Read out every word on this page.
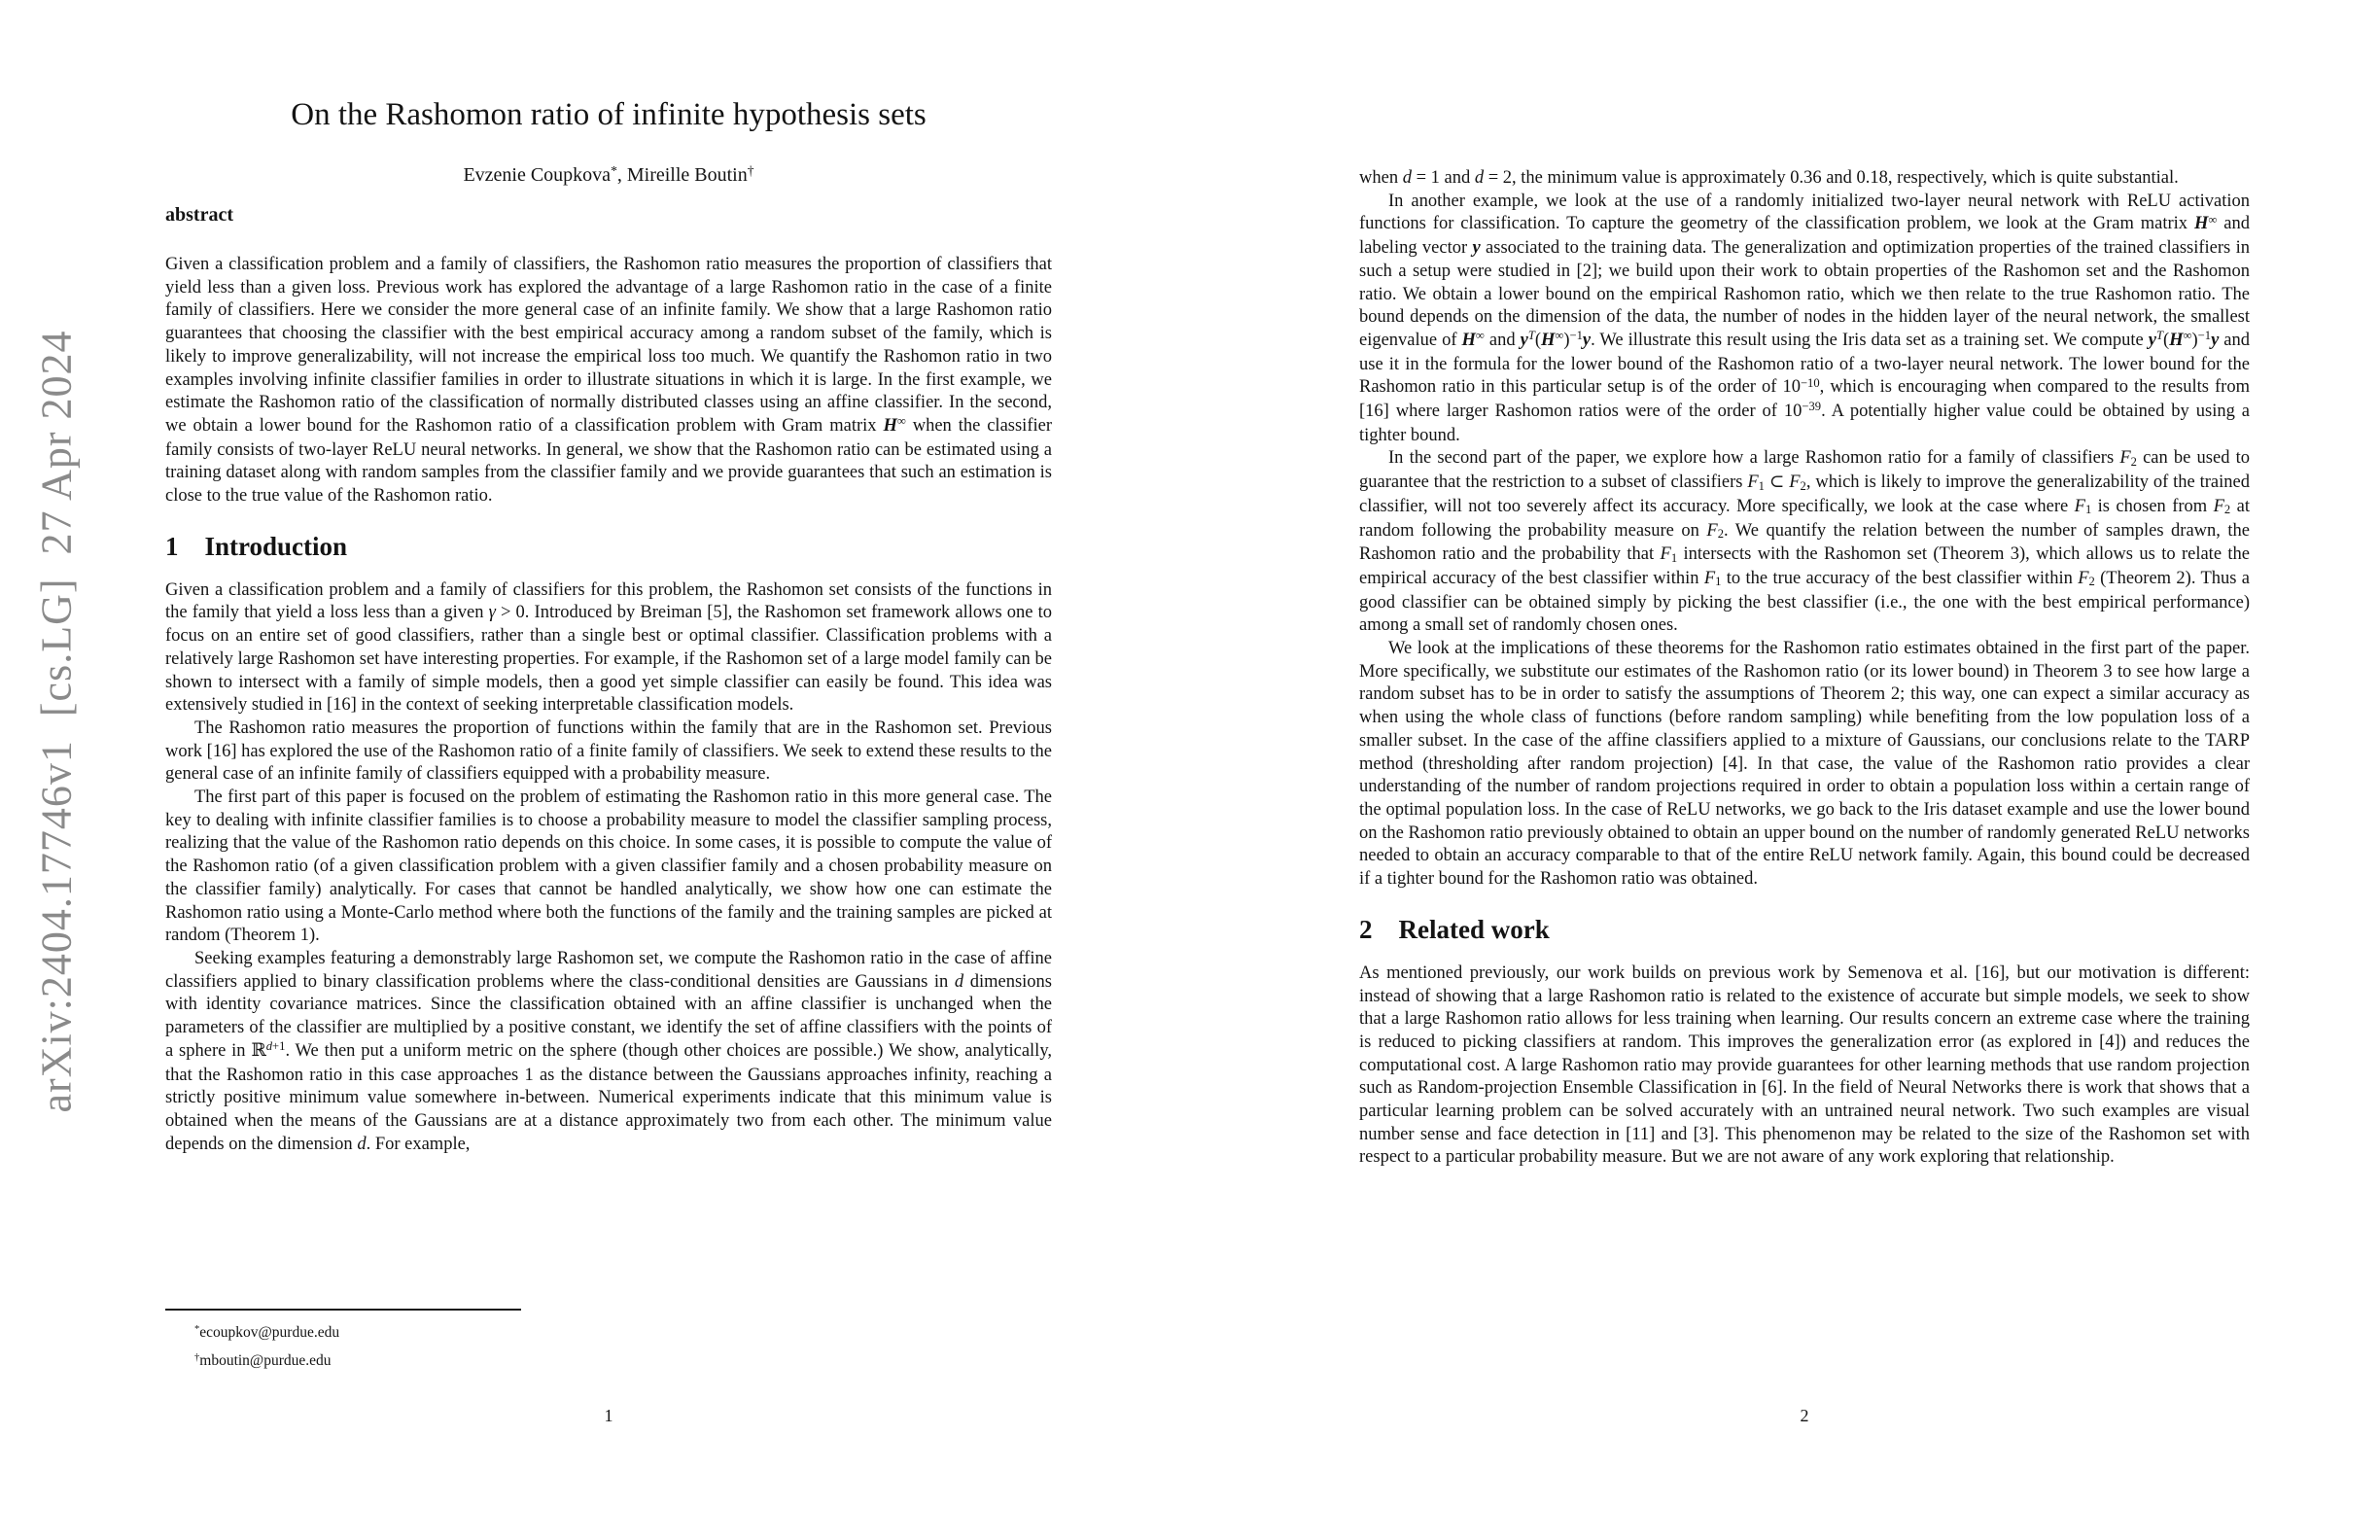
arXiv:2404.17746v1  [cs.LG]  27 Apr 2024
On the Rashomon ratio of infinite hypothesis sets
Evzenie Coupkova*, Mireille Boutin†
abstract

Given a classification problem and a family of classifiers, the Rashomon ratio measures the proportion of classifiers that yield less than a given loss. Previous work has explored the advantage of a large Rashomon ratio in the case of a finite family of classifiers. Here we consider the more general case of an infinite family. We show that a large Rashomon ratio guarantees that choosing the classifier with the best empirical accuracy among a random subset of the family, which is likely to improve generalizability, will not increase the empirical loss too much. We quantify the Rashomon ratio in two examples involving infinite classifier families in order to illustrate situations in which it is large. In the first example, we estimate the Rashomon ratio of the classification of normally distributed classes using an affine classifier. In the second, we obtain a lower bound for the Rashomon ratio of a classification problem with Gram matrix H∞ when the classifier family consists of two-layer ReLU neural networks. In general, we show that the Rashomon ratio can be estimated using a training dataset along with random samples from the classifier family and we provide guarantees that such an estimation is close to the true value of the Rashomon ratio.

1 Introduction

Given a classification problem and a family of classifiers for this problem, the Rashomon set consists of the functions in the family that yield a loss less than a given γ > 0. Introduced by Breiman [5], the Rashomon set framework allows one to focus on an entire set of good classifiers, rather than a single best or optimal classifier. Classification problems with a relatively large Rashomon set have interesting properties. For example, if the Rashomon set of a large model family can be shown to intersect with a family of simple models, then a good yet simple classifier can easily be found. This idea was extensively studied in [16] in the context of seeking interpretable classification models.

The Rashomon ratio measures the proportion of functions within the family that are in the Rashomon set. Previous work [16] has explored the use of the Rashomon ratio of a finite family of classifiers. We seek to extend these results to the general case of an infinite family of classifiers equipped with a probability measure.

The first part of this paper is focused on the problem of estimating the Rashomon ratio in this more general case. The key to dealing with infinite classifier families is to choose a probability measure to model the classifier sampling process, realizing that the value of the Rashomon ratio depends on this choice. In some cases, it is possible to compute the value of the Rashomon ratio (of a given classification problem with a given classifier family and a chosen probability measure on the classifier family) analytically. For cases that cannot be handled analytically, we show how one can estimate the Rashomon ratio using a Monte-Carlo method where both the functions of the family and the training samples are picked at random (Theorem 1).

Seeking examples featuring a demonstrably large Rashomon set, we compute the Rashomon ratio in the case of affine classifiers applied to binary classification problems where the class-conditional densities are Gaussians in d dimensions with identity covariance matrices. Since the classification obtained with an affine classifier is unchanged when the parameters of the classifier are multiplied by a positive constant, we identify the set of affine classifiers with the points of a sphere in ℝ$^{d+1}$. We then put a uniform metric on the sphere (though other choices are possible.) We show, analytically, that the Rashomon ratio in this case approaches 1 as the distance between the Gaussians approaches infinity, reaching a strictly positive minimum value somewhere in-between. Numerical experiments indicate that this minimum value is obtained when the means of the Gaussians are at a distance approximately two from each other. The minimum value depends on the dimension d. For example,

*ecoupkov@purdue.edu
†mboutin@purdue.edu
1

when d = 1 and d = 2, the minimum value is approximately 0.36 and 0.18, respectively, which is quite substantial.

In another example, we look at the use of a randomly initialized two-layer neural network with ReLU activation functions for classification. To capture the geometry of the classification problem, we look at the Gram matrix H∞ and labeling vector y associated to the training data. The generalization and optimization properties of the trained classifiers in such a setup were studied in [2]; we build upon their work to obtain properties of the Rashomon set and the Rashomon ratio. We obtain a lower bound on the empirical Rashomon ratio, which we then relate to the true Rashomon ratio. The bound depends on the dimension of the data, the number of nodes in the hidden layer of the neural network, the smallest eigenvalue of H∞ and $y^T(H^\infty)^{-1}y$. We illustrate this result using the Iris data set as a training set. We compute $y^T(H^\infty)^{-1}y$ and use it in the formula for the lower bound of the Rashomon ratio of a two-layer neural network. The lower bound for the Rashomon ratio in this particular setup is of the order of $10^{-10}$, which is encouraging when compared to the results from [16] where larger Rashomon ratios were of the order of $10^{-39}$. A potentially higher value could be obtained by using a tighter bound.

In the second part of the paper, we explore how a large Rashomon ratio for a family of classifiers F2 can be used to guarantee that the restriction to a subset of classifiers F1 ⊂ F2, which is likely to improve the generalizability of the trained classifier, will not too severely affect its accuracy. More specifically, we look at the case where F1 is chosen from F2 at random following the probability measure on F2. We quantify the relation between the number of samples drawn, the Rashomon ratio and the probability that F1 intersects with the Rashomon set (Theorem 3), which allows us to relate the empirical accuracy of the best classifier within F1 to the true accuracy of the best classifier within F2 (Theorem 2). Thus a good classifier can be obtained simply by picking the best classifier (i.e., the one with the best empirical performance) among a small set of randomly chosen ones.

We look at the implications of these theorems for the Rashomon ratio estimates obtained in the first part of the paper. More specifically, we substitute our estimates of the Rashomon ratio (or its lower bound) in Theorem 3 to see how large a random subset has to be in order to satisfy the assumptions of Theorem 2; this way, one can expect a similar accuracy as when using the whole class of functions (before random sampling) while benefiting from the low population loss of a smaller subset. In the case of the affine classifiers applied to a mixture of Gaussians, our conclusions relate to the TARP method (thresholding after random projection) [4]. In that case, the value of the Rashomon ratio provides a clear understanding of the number of random projections required in order to obtain a population loss within a certain range of the optimal population loss. In the case of ReLU networks, we go back to the Iris dataset example and use the lower bound on the Rashomon ratio previously obtained to obtain an upper bound on the number of randomly generated ReLU networks needed to obtain an accuracy comparable to that of the entire ReLU network family. Again, this bound could be decreased if a tighter bound for the Rashomon ratio was obtained.

2 Related work

As mentioned previously, our work builds on previous work by Semenova et al. [16], but our motivation is different: instead of showing that a large Rashomon ratio is related to the existence of accurate but simple models, we seek to show that a large Rashomon ratio allows for less training when learning. Our results concern an extreme case where the training is reduced to picking classifiers at random. This improves the generalization error (as explored in [4]) and reduces the computational cost. A large Rashomon ratio may provide guarantees for other learning methods that use random projection such as Random-projection Ensemble Classification in [6]. In the field of Neural Networks there is work that shows that a particular learning problem can be solved accurately with an untrained neural network. Two such examples are visual number sense and face detection in [11] and [3]. This phenomenon may be related to the size of the Rashomon set with respect to a particular probability measure. But we are not aware of any work exploring that relationship.

2
